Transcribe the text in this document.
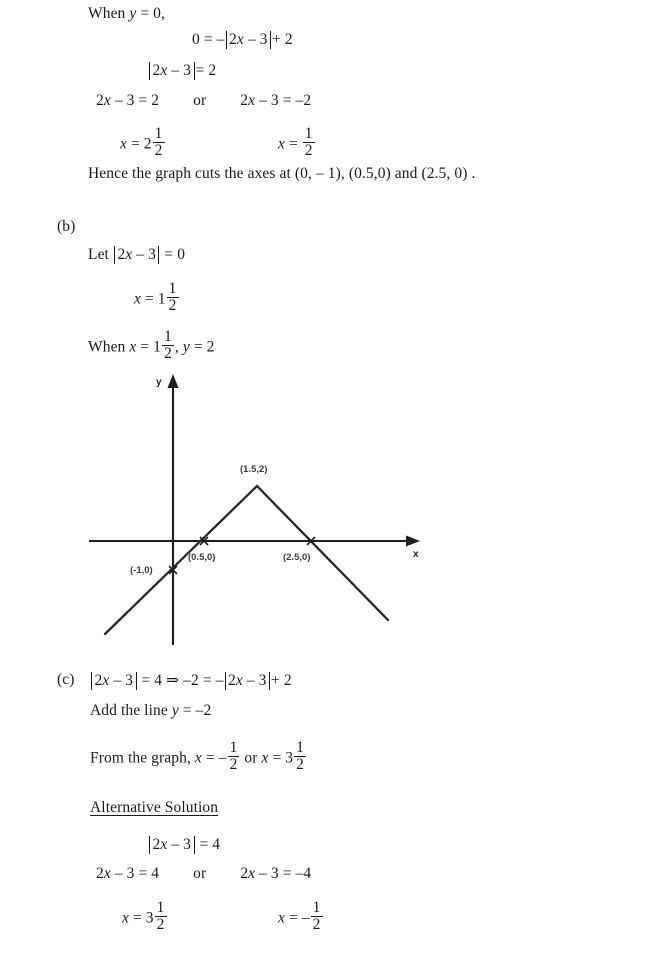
When y = 0,
0 = – 2x – 3 + 2
2x – 3 = 2
2x – 3 = 2 or 2x – 3 = –2
$x = 2 \frac{1}{2}$	$x = \frac{1}{2}$
Hence the graph cuts the axes at (0, – 1), (0.5,0) and (2.5, 0) .
(b)
Let 2x – 3 = 0
$x = 1 \frac{1}{2}$
When $x = 1 \frac{1}{2}$ , y = 2
y
x
(1.5,2)
(0.5,0)	(2.5,0)
(-1,0)
(c) 2x – 3 = 4 ⇒ –2 = – 2x – 3 + 2
Add the line y = –2
From the graph, x = – $\frac{1}{2}$ or $x = 3 \frac{1}{2}$
Alternative Solution
2x – 3 = 4
2x – 3 = 4 or 2x – 3 = –4
$x = 3 \frac{1}{2}$	x = – $\frac{1}{2}$
